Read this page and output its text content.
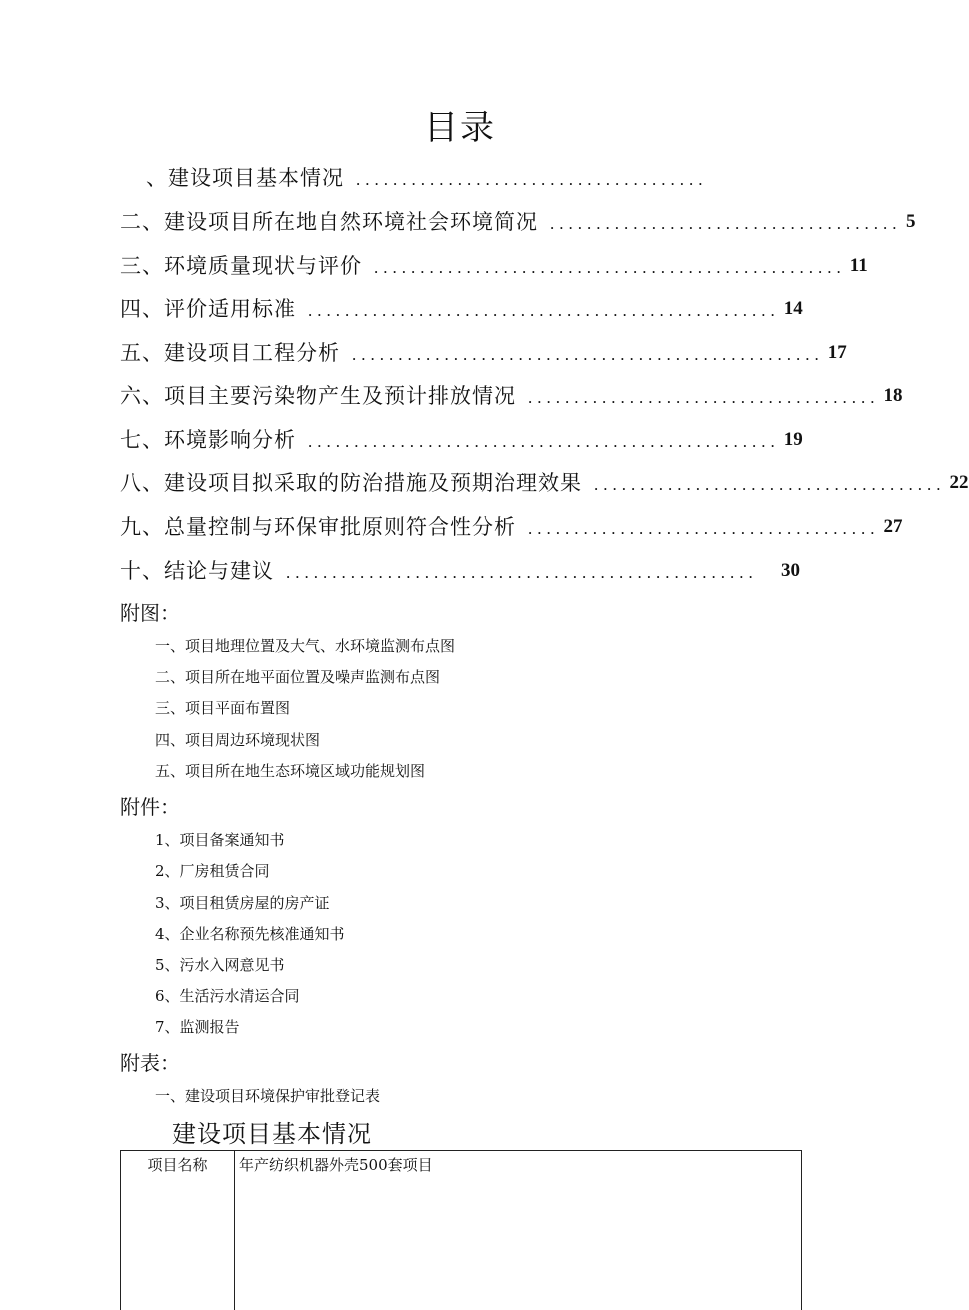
目录
、建设项目基本情况 ......................................
二、建设项目所在地自然环境社会环境简况 ...................................... 5
三、环境质量现状与评价 ................................................... 11
四、评价适用标准 ................................................... 14
五、建设项目工程分析 ................................................... 17
六、项目主要污染物产生及预计排放情况 ...................................... 18
七、环境影响分析 ................................................... 19
八、建设项目拟采取的防治措施及预期治理效果 ...................................... 22
九、总量控制与环保审批原则符合性分析 ...................................... 27
十、结论与建议 ...................................................	30
附图：
一、项目地理位置及大气、水环境监测布点图
二、项目所在地平面位置及噪声监测布点图
三、项目平面布置图
四、项目周边环境现状图
五、项目所在地生态环境区域功能规划图
附件：
1、项目备案通知书
2、厂房租赁合同
3、项目租赁房屋的房产证
4、企业名称预先核准通知书
5、污水入网意见书
6、生活污水清运合同
7、监测报告
附表：
一、建设项目环境保护审批登记表
建设项目基本情况
项目名称	年产纺织机器外壳500套项目
